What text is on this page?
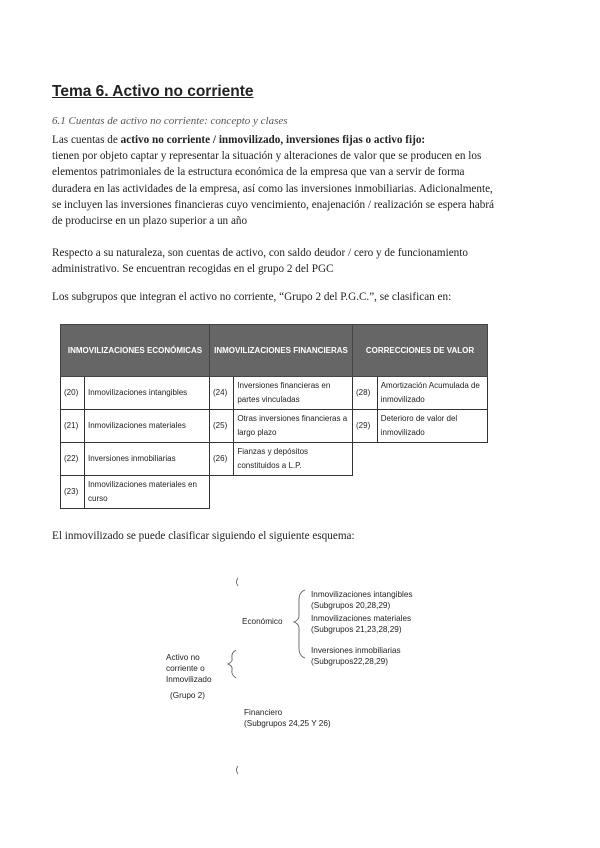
Tema 6. Activo no corriente
6.1 Cuentas de activo no corriente: concepto y clases
Las cuentas de activo no corriente / inmovilizado, inversiones fijas o activo fijo:
tienen por objeto captar y representar la situación y alteraciones de valor que se producen en los
elementos patrimoniales de la estructura económica de la empresa que van a servir de forma
duradera en las actividades de la empresa, así como las inversiones inmobiliarias. Adicionalmente,
se incluyen las inversiones financieras cuyo vencimiento, enajenación / realización se espera habrá
de producirse en un plazo superior a un año
Respecto a su naturaleza, son cuentas de activo, con saldo deudor / cero y de funcionamiento
administrativo. Se encuentran recogidas en el grupo 2 del PGC
Los subgrupos que integran el activo no corriente, “Grupo 2 del P.G.C.”, se clasifican en:
INMOVILIZACIONES ECONÓMICAS		INMOVILIZACIONES FINANCIERAS		CORRECCIONES DE VALOR	
(20)	Inmovilizaciones intangibles	(24)	Inversiones financieras en partes vinculadas	(28)	Amortización Acumulada de inmovilizado
(21)	Inmovilizaciones materiales	(25)	Otras inversiones financieras a largo plazo	(29)	Deterioro de valor del inmovilizado
(22)	Inversiones inmobiliarias	(26)	Fianzas y depósitos constituidos a L.P.		
(23)	Inmovilizaciones materiales en curso				
El inmovilizado se puede clasificar siguiendo el siguiente esquema:
Activo no corriente o Inmovilizado
(Grupo 2)
Económico
Inmovilizaciones intangibles
(Subgrupos 20,28,29)
Inmovilizaciones materiales
(Subgrupos 21,23,28,29)
Inversiones inmobiliarias
(Subgrupos22,28,29)
Financiero
(Subgrupos 24,25 Y 26)
